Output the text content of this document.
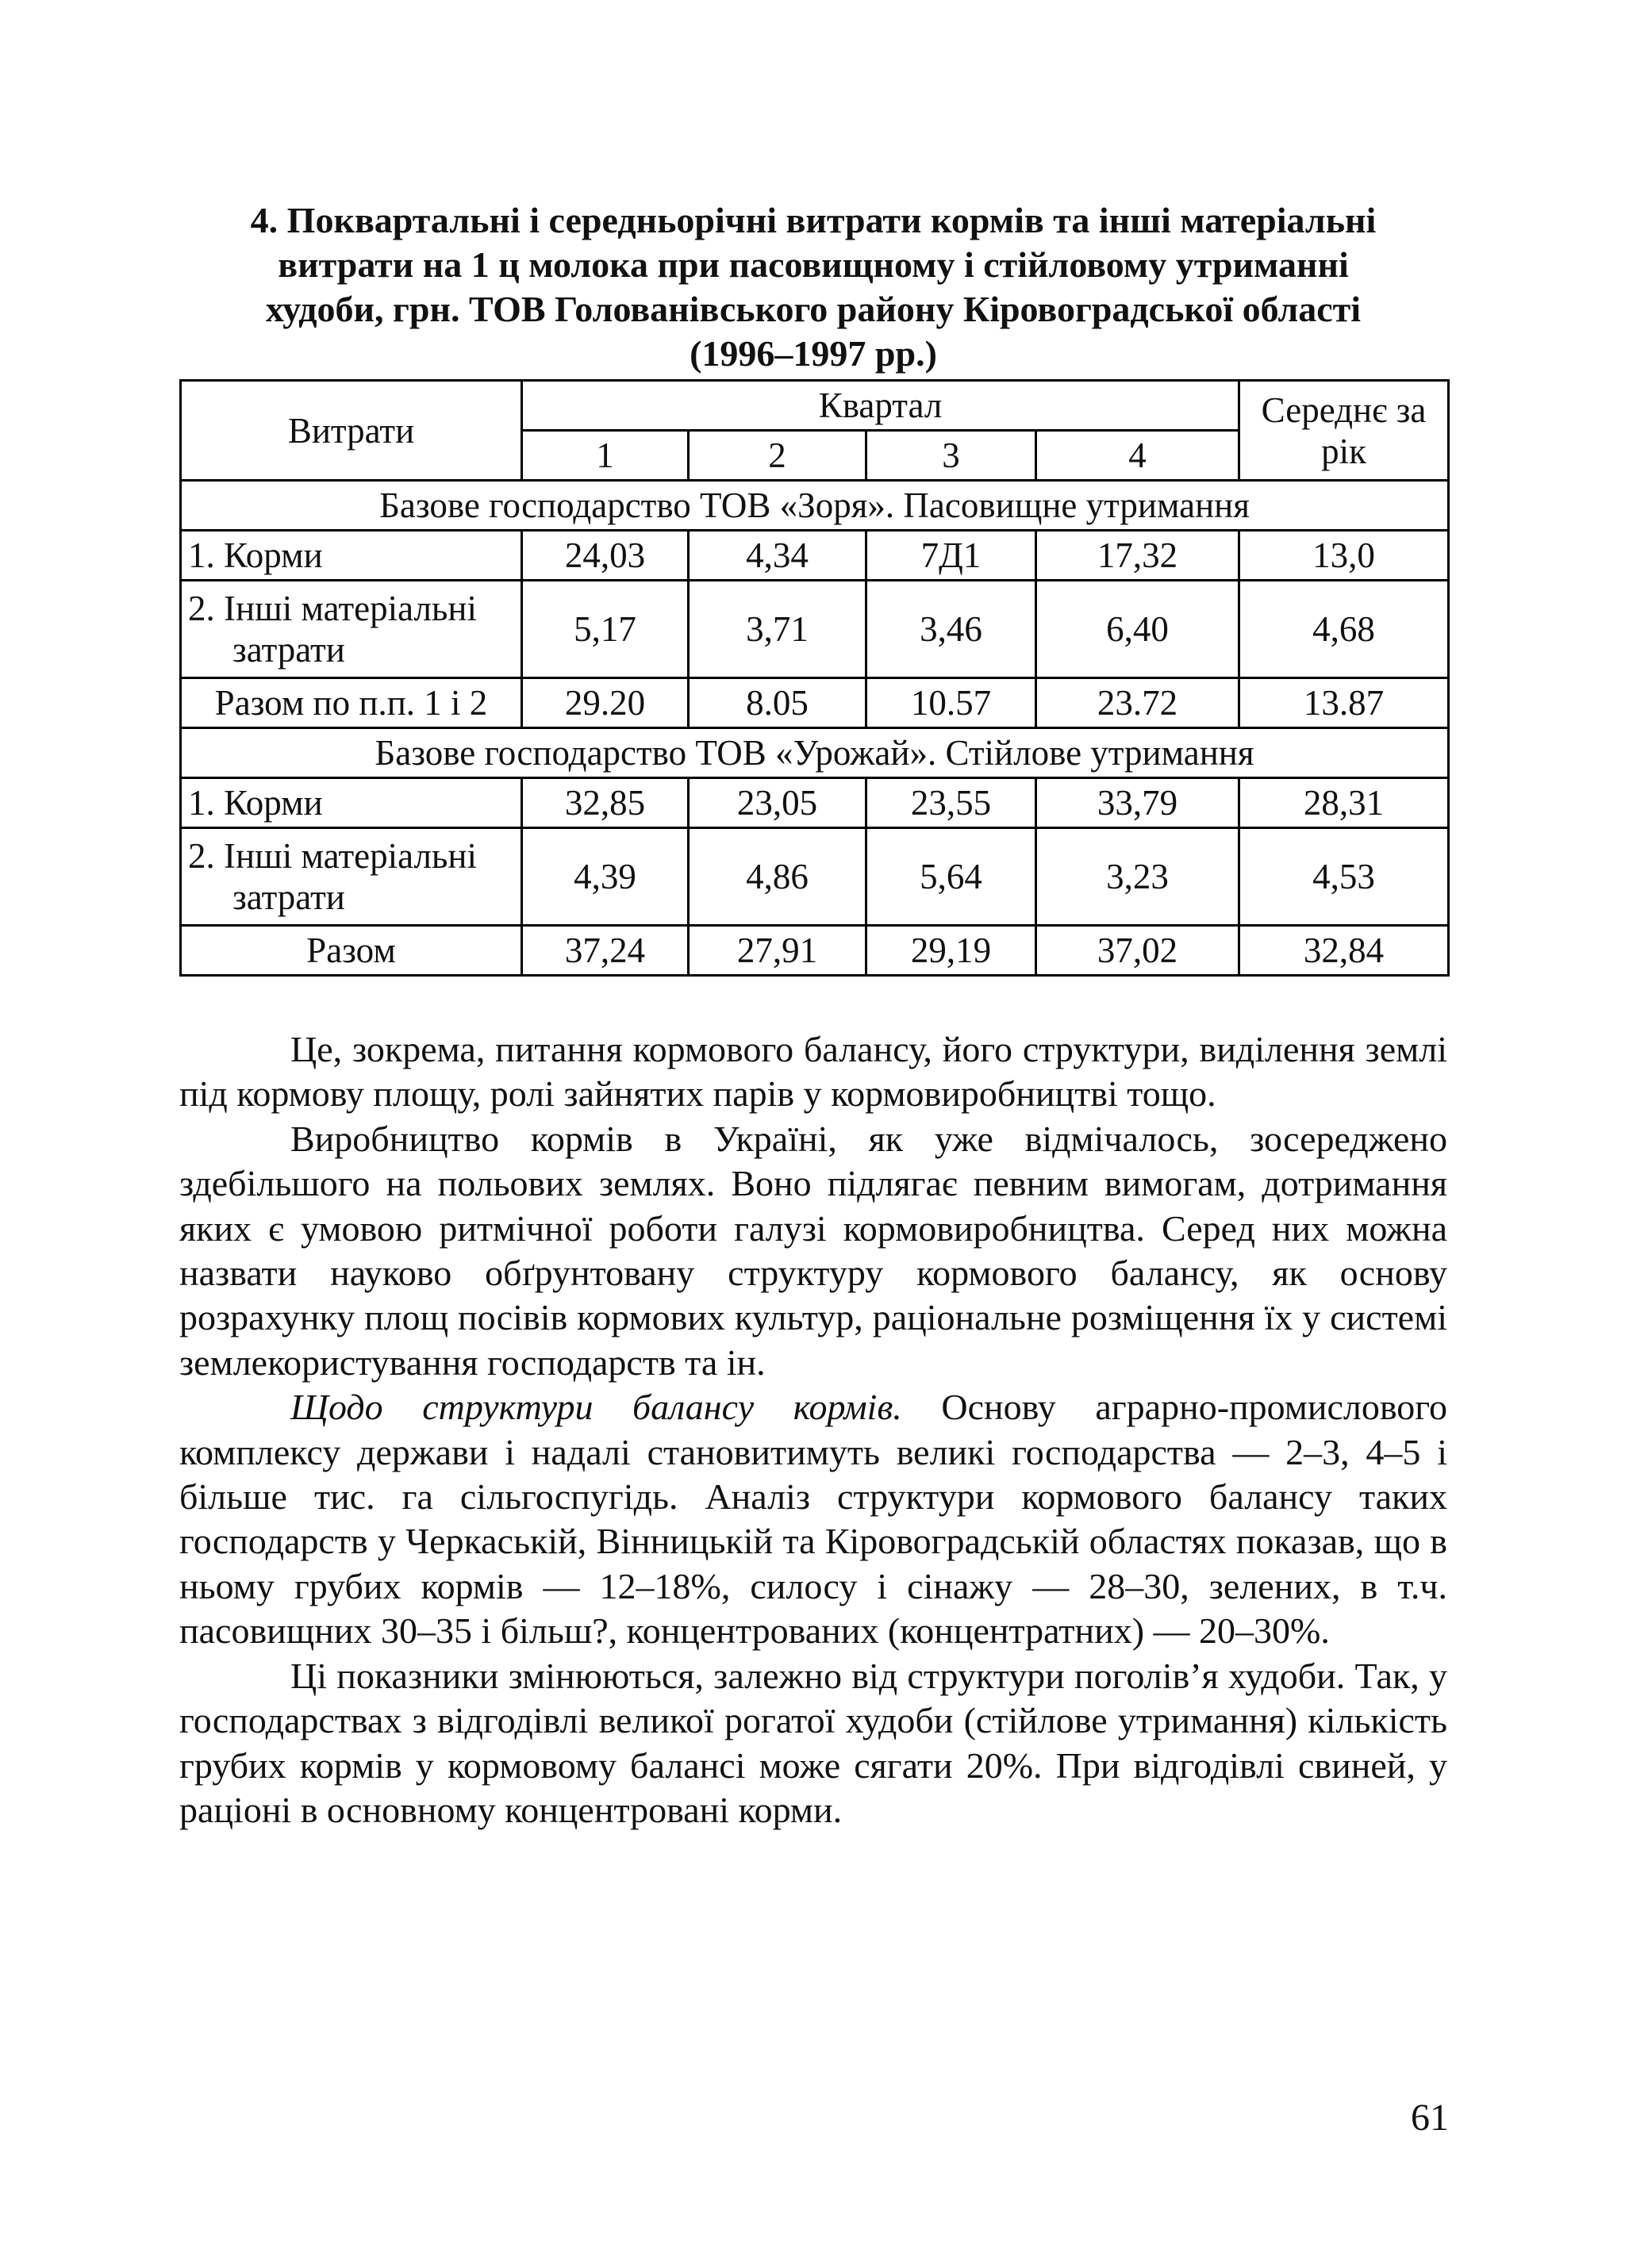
4. Поквартальні і середньорічні витрати кормів та інші матеріальні
витрати на 1 ц молока при пасовищному і стійловому утриманні
худоби, грн. ТОВ Голованівського району Кіровоградської області
(1996–1997 рр.)
Витрати	Квартал				Середнє за
рік
	1	2	3	4	
Базове господарство ТОВ «Зоря». Пасовищне утримання					
1. Корми	24,03	4,34	7Д1	17,32	13,0
2. Інші матеріальні
затрати	5,17	3,71	3,46	6,40	4,68
Разом по п.п. 1 і 2	29.20	8.05	10.57	23.72	13.87
Базове господарство ТОВ «Урожай». Стійлове утримання					
1. Корми	32,85	23,05	23,55	33,79	28,31
2. Інші матеріальні
затрати	4,39	4,86	5,64	3,23	4,53
Разом	37,24	27,91	29,19	37,02	32,84

Це, зокрема, питання кормового балансу, його структури, виділення землі під кормову площу, ролі зайнятих парів у кормовиробництві тощо.

Виробництво кормів в Україні, як уже відмічалось, зосереджено здебільшого на польових землях. Воно підлягає певним вимогам, дотримання яких є умовою ритмічної роботи галузі кормовиробництва. Серед них можна назвати науково обґрунтовану структуру кормового балансу, як основу розрахунку площ посівів кормових культур, раціональне розміщення їх у системі землекористування господарств та ін.

Щодо структури балансу кормів. Основу аграрно-промислового комплексу держави і надалі становитимуть великі господарства — 2–3, 4–5 і більше тис. га сільгоспугідь. Аналіз структури кормового балансу таких господарств у Черкаській, Вінницькій та Кіровоградській областях показав, що в ньому грубих кормів — 12–18%, силосу і сінажу — 28–30, зелених, в т.ч. пасовищних 30–35 і більш?, концентрованих (концентратних) — 20–30%.

Ці показники змінюються, залежно від структури поголів’я худоби. Так, у господарствах з відгодівлі великої рогатої худоби (стійлове утримання) кількість грубих кормів у кормовому балансі може сягати 20%. При відгодівлі свиней, у раціоні в основному концентровані корми.

61
